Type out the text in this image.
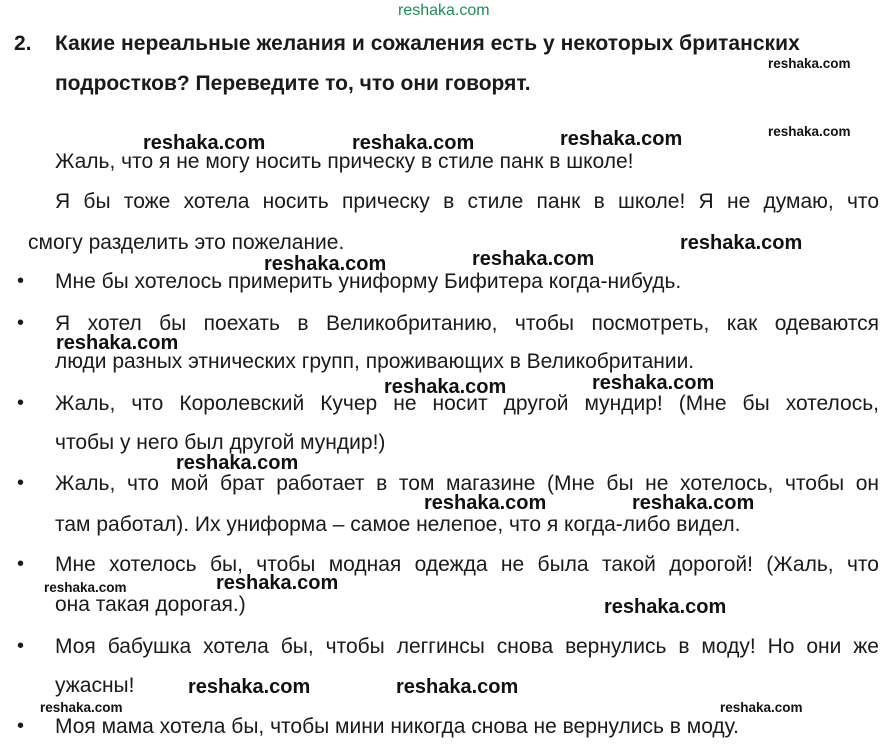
reshaka.com
2. Какие нереальные желания и сожаления есть у некоторых британских
подростков? Переведите то, что они говорят.
Жаль, что я не могу носить прическу в стиле панк в школе!
Я бы тоже хотела носить прическу в стиле панк в школе! Я не думаю, что
смогу разделить это пожелание.
• Мне бы хотелось примерить униформу Бифитера когда-нибудь.
• Я хотел бы поехать в Великобританию, чтобы посмотреть, как одеваются
люди разных этнических групп, проживающих в Великобритании.
• Жаль, что Королевский Кучер не носит другой мундир! (Мне бы хотелось,
чтобы у него был другой мундир!)
• Жаль, что мой брат работает в том магазине (Мне бы не хотелось, чтобы он
там работал). Их униформа – самое нелепое, что я когда-либо видел.
• Мне хотелось бы, чтобы модная одежда не была такой дорогой! (Жаль, что
она такая дорогая.)
• Моя бабушка хотела бы, чтобы леггинсы снова вернулись в моду! Но они же
ужасны!
• Моя мама хотела бы, чтобы мини никогда снова не вернулись в моду.
reshaka.com
reshaka.com
reshaka.com	reshaka.com	reshaka.com
reshaka.com
reshaka.com
reshaka.com
reshaka.com
reshaka.com
reshaka.com
reshaka.com
reshaka.com	reshaka.com
reshaka.com
reshaka.com
reshaka.com
reshaka.com	reshaka.com
reshaka.com	reshaka.com
